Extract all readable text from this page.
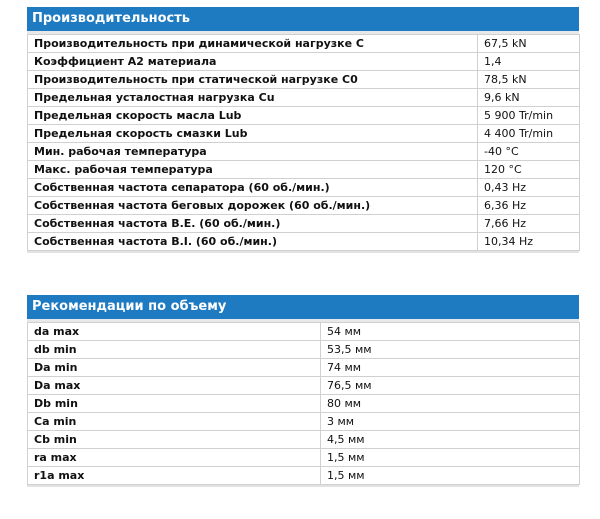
Производительность
Производительность при динамической нагрузке C	67,5 kN
Коэффициент A2 материала	1,4
Производительность при статической нагрузке C0	78,5 kN
Предельная усталостная нагрузка Cu	9,6 kN
Предельная скорость масла Lub	5 900 Tr/min
Предельная скорость смазки Lub	4 400 Tr/min
Мин. рабочая температура	-40 °C
Макс. рабочая температура	120 °C
Собственная частота сепаратора (60 об./мин.)	0,43 Hz
Собственная частота беговых дорожек (60 об./мин.)	6,36 Hz
Собственная частота B.E. (60 об./мин.)	7,66 Hz
Собственная частота B.I. (60 об./мин.)	10,34 Hz
Рекомендации по объему
da max	54 мм
db min	53,5 мм
Da min	74 мм
Da max	76,5 мм
Db min	80 мм
Ca min	3 мм
Cb min	4,5 мм
ra max	1,5 мм
r1a max	1,5 мм
